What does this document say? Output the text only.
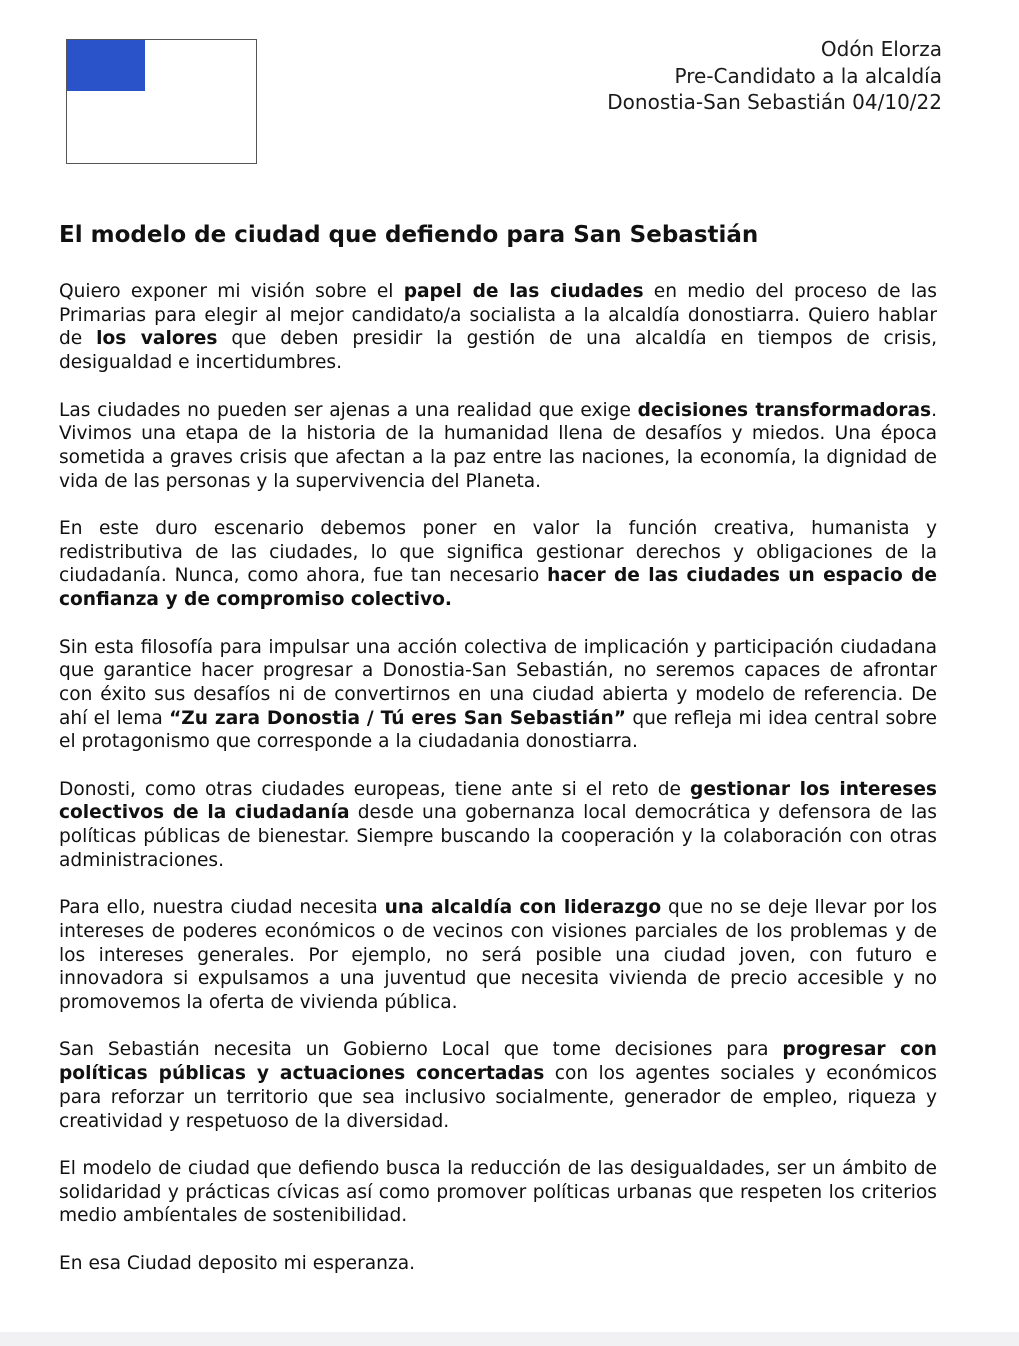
Odón Elorza
Pre-Candidato a la alcaldía
Donostia-San Sebastián 04/10/22
El modelo de ciudad que defiendo para San Sebastián

Quiero exponer mi visión sobre el papel de las ciudades en medio del proceso de las Primarias para elegir al mejor candidato/a socialista a la alcaldía donostiarra. Quiero hablar de los valores que deben presidir la gestión de una alcaldía en tiempos de crisis, desigualdad e incertidumbres.

Las ciudades no pueden ser ajenas a una realidad que exige decisiones transformadoras. Vivimos una etapa de la historia de la humanidad llena de desafíos y miedos. Una época sometida a graves crisis que afectan a la paz entre las naciones, la economía, la dignidad de vida de las personas y la supervivencia del Planeta.

En este duro escenario debemos poner en valor la función creativa, humanista y redistributiva de las ciudades, lo que significa gestionar derechos y obligaciones de la ciudadanía. Nunca, como ahora, fue tan necesario hacer de las ciudades un espacio de confianza y de compromiso colectivo.

Sin esta filosofía para impulsar una acción colectiva de implicación y participación ciudadana que garantice hacer progresar a Donostia-San Sebastián, no seremos capaces de afrontar con éxito sus desafíos ni de convertirnos en una ciudad abierta y modelo de referencia. De ahí el lema “Zu zara Donostia / Tú eres San Sebastián” que refleja mi idea central sobre el protagonismo que corresponde a la ciudadania donostiarra.

Donosti, como otras ciudades europeas, tiene ante si el reto de gestionar los intereses colectivos de la ciudadanía desde una gobernanza local democrática y defensora de las políticas públicas de bienestar. Siempre buscando la cooperación y la colaboración con otras administraciones.

Para ello, nuestra ciudad necesita una alcaldía con liderazgo que no se deje llevar por los intereses de poderes económicos o de vecinos con visiones parciales de los problemas y de los intereses generales. Por ejemplo, no será posible una ciudad joven, con futuro e innovadora si expulsamos a una juventud que necesita vivienda de precio accesible y no promovemos la oferta de vivienda pública.

San Sebastián necesita un Gobierno Local que tome decisiones para progresar con políticas públicas y actuaciones concertadas con los agentes sociales y económicos para reforzar un territorio que sea inclusivo socialmente, generador de empleo, riqueza y creatividad y respetuoso de la diversidad.

El modelo de ciudad que defiendo busca la reducción de las desigualdades, ser un ámbito de solidaridad y prácticas cívicas así como promover políticas urbanas que respeten los criterios medio ambíentales de sostenibilidad.

En esa Ciudad deposito mi esperanza.
